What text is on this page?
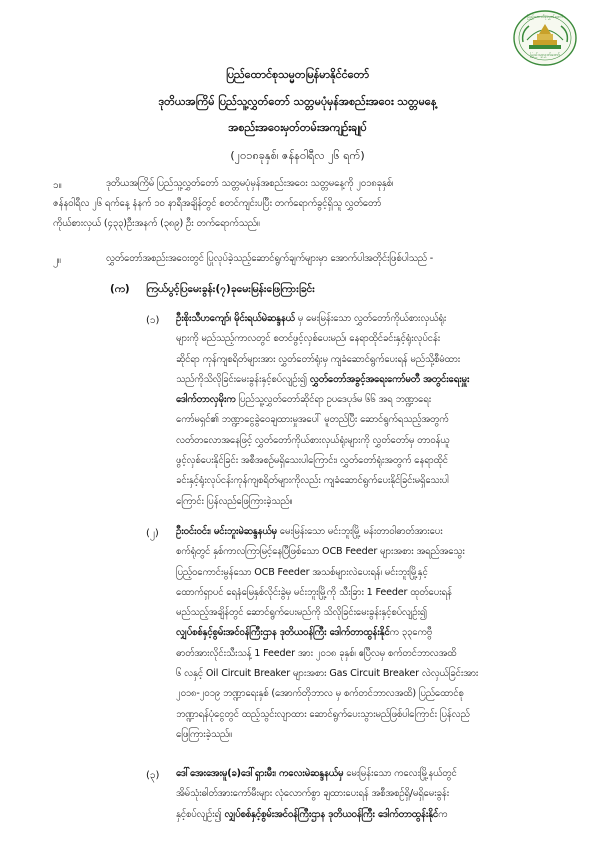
ပြည်ထောင်စုလွှတ်တော်
ပြည်သူ့လွှတ်တော်
ပြည်ထောင်စုသမ္မတမြန်မာနိုင်ငံတော်
ဒုတိယအကြိမ် ပြည်သူ့လွှတ်တော် သတ္တမပုံမှန်အစည်းအဝေး သတ္တမနေ့
အစည်းအဝေးမှတ်တမ်းအကျဉ်းချုပ်
(၂၀၁၈ခုနှစ်၊ ဇန်နဝါရီလ ၂၆ ရက်)
၁။	ဒုတိယအကြိမ် ပြည်သူ့လွှတ်တော် သတ္တမပုံမှန်အစည်းအဝေး သတ္တမနေ့ကို ၂၀၁၈ခုနှစ်၊
ဇန်နဝါရီလ ၂၆ ရက်နေ့ နံနက် ၁၀ နာရီအချိန်တွင် စတင်ကျင်းပပြီး တက်ရောက်ခွင့်ရှိသူ လွှတ်တော်
ကိုယ်စားလှယ် (၄၃၃)ဦးအနက် (၃၈၉) ဦး တက်ရောက်သည်။
၂။	လွှတ်တော်အစည်းအဝေးတွင် ပြုလုပ်ခဲ့သည့်ဆောင်ရွက်ချက်များမှာ အောက်ပါအတိုင်းဖြစ်ပါသည် -
(က) ကြယ်ပွင့်ပြမေးခွန်း(၇)ခုမေးမြန်းဖြေကြားခြင်း
(၁) ဦးစိုးသီဟကျော်၊ မိုင်းရယ်မဲဆန္ဒနယ် မှ မေးမြန်းသော လွှတ်တော်ကိုယ်စားလှယ်ရုံး
များကို မည်သည့်ကာလတွင် စတင်ဖွင့်လှစ်ပေးမည်၊ နေရာထိုင်ခင်းနှင့်ရုံးလုပ်ငန်း
ဆိုင်ရာ ကုန်ကျစရိတ်များအား လွှတ်တော်ရုံးမှ ကျခံဆောင်ရွက်ပေးရန် မည်သို့စီမံထား
သည်ကိုသိလိုခြင်းမေးခွန်းနှင့်စပ်လျဉ်း၍ လွှတ်တော်အခွင့်အရေးကော်မတီ အတွင်းရေးမှူး
ဒေါက်တာလှမိုးက ပြည်သူ့လွှတ်တော်ဆိုင်ရာ ဥပဒေပုဒ်မ ၆၆ အရ ဘဏ္ဍာရေး
ကော်မရှင်၏ ဘဏ္ဍာငွေခွဲဝေချထားမှုအပေါ် မူတည်ပြီး ဆောင်ရွက်ရသည့်အတွက်
လတ်တလောအနေဖြင့် လွှတ်တော်ကိုယ်စားလှယ်ရုံးများကို လွှတ်တော်မှ တာဝန်ယူ
ဖွင့်လှစ်ပေးနိုင်ခြင်း အစီအစဉ်မရှိသေးပါကြောင်း၊ လွှတ်တော်ရုံးအတွက် နေရာထိုင်
ခင်းနှင့်ရုံးလုပ်ငန်းကုန်ကျစရိတ်များကိုလည်း ကျခံဆောင်ရွက်ပေးနိုင်ခြင်းမရှိသေးပါ
ကြောင်း ပြန်လည်ဖြေကြားခဲ့သည်။
(၂) ဦးဝင်းဝင်း၊ မင်းဘူးမဲဆန္ဒနယ်မှ မေးမြန်းသော မင်းဘူးမြို့ မန်းတာဝါဓာတ်အားပေး
စက်ရုံတွင် နှစ်ကာလကြာမြင့်နေပြီဖြစ်သော OCB Feeder များအစား အရည်အသွေး
ပြည့်ဝကောင်းမွန်သော OCB Feeder အသစ်များလဲပေးရန်၊ မင်းဘူးမြို့နှင့်
ထောက်ရှာပင် ရေနံမြေနှစ်လိုင်းခွဲမှ မင်းဘူးမြို့ကို သီးခြား 1 Feeder ထုတ်ပေးရန်
မည်သည့်အချိန်တွင် ဆောင်ရွက်ပေးမည်ကို သိလိုခြင်းမေးခွန်းနှင့်စပ်လျဉ်း၍
လျှပ်စစ်နှင့်စွမ်းအင်ဝန်ကြီးဌာန ဒုတိယဝန်ကြီး ဒေါက်တာထွန်းနိုင်က ၃၃ကေဗွီ
ဓာတ်အားလိုင်းသီးသန့် 1 Feeder အား ၂၀၁၈ ခုနှစ်၊ ဧပြီလမှ စက်တင်ဘာလအထိ
၆ လနှင့် Oil Circuit Breaker များအစား Gas Circuit Breaker လဲလှယ်ခြင်းအား
၂၀၁၈-၂၀၁၉ ဘဏ္ဍာရေးနှစ် (အောက်တိုဘာလ မှ စက်တင်ဘာလအထိ) ပြည်ထောင်စု
ဘဏ္ဍာရန်ပုံငွေတွင် ထည့်သွင်းလျာထား ဆောင်ရွက်ပေးသွားမည်ဖြစ်ပါကြောင်း ပြန်လည်
ဖြေကြားခဲ့သည်။
(၃) ဒေါ်အေးအေးမူ(ခ)ဒေါ်ရှားမီး၊ ကလေးမဲဆန္ဒနယ်မှ မေးမြန်းသော ကလေးမြို့နယ်တွင်
အိမ်သုံးဓါတ်အားကော်မီးများ လုံလောက်စွာ ချထားပေးရန် အစီအစဉ်ရှိ/မရှိမေးခွန်း
နှင့်စပ်လျဉ်း၍ လျှပ်စစ်နှင့်စွမ်းအင်ဝန်ကြီးဌာန ဒုတိယဝန်ကြီး ဒေါက်တာထွန်းနိုင်က
